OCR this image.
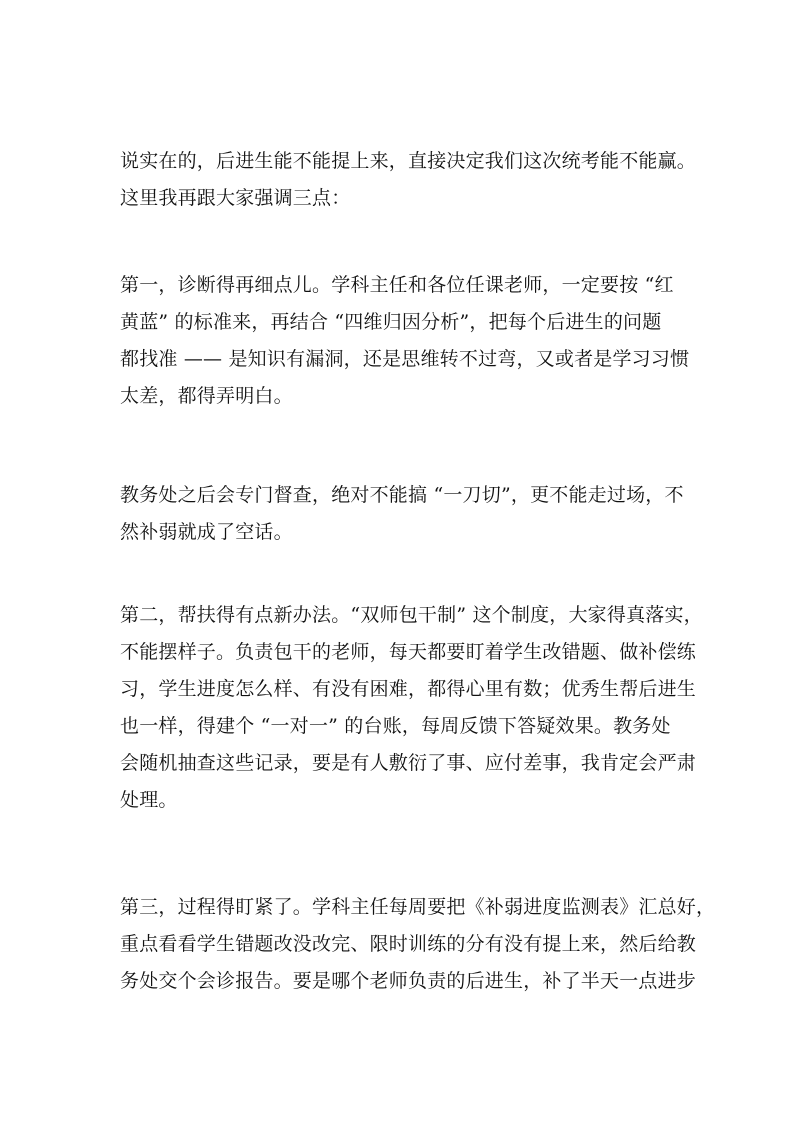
说实在的，后进生能不能提上来，直接决定我们这次统考能不能赢。
这里我再跟大家强调三点：
第一，诊断得再细点儿。学科主任和各位任课老师，一定要按 “红
黄蓝” 的标准来，再结合 “四维归因分析”，把每个后进生的问题
都找准 —— 是知识有漏洞，还是思维转不过弯，又或者是学习习惯
太差，都得弄明白。
教务处之后会专门督查，绝对不能搞 “一刀切”，更不能走过场，不
然补弱就成了空话。
第二，帮扶得有点新办法。“双师包干制” 这个制度，大家得真落实，
不能摆样子。负责包干的老师，每天都要盯着学生改错题、做补偿练
习，学生进度怎么样、有没有困难，都得心里有数；优秀生帮后进生
也一样，得建个 “一对一” 的台账，每周反馈下答疑效果。教务处
会随机抽查这些记录，要是有人敷衍了事、应付差事，我肯定会严肃
处理。
第三，过程得盯紧了。学科主任每周要把《补弱进度监测表》汇总好，
重点看看学生错题改没改完、限时训练的分有没有提上来，然后给教
务处交个会诊报告。要是哪个老师负责的后进生，补了半天一点进步
